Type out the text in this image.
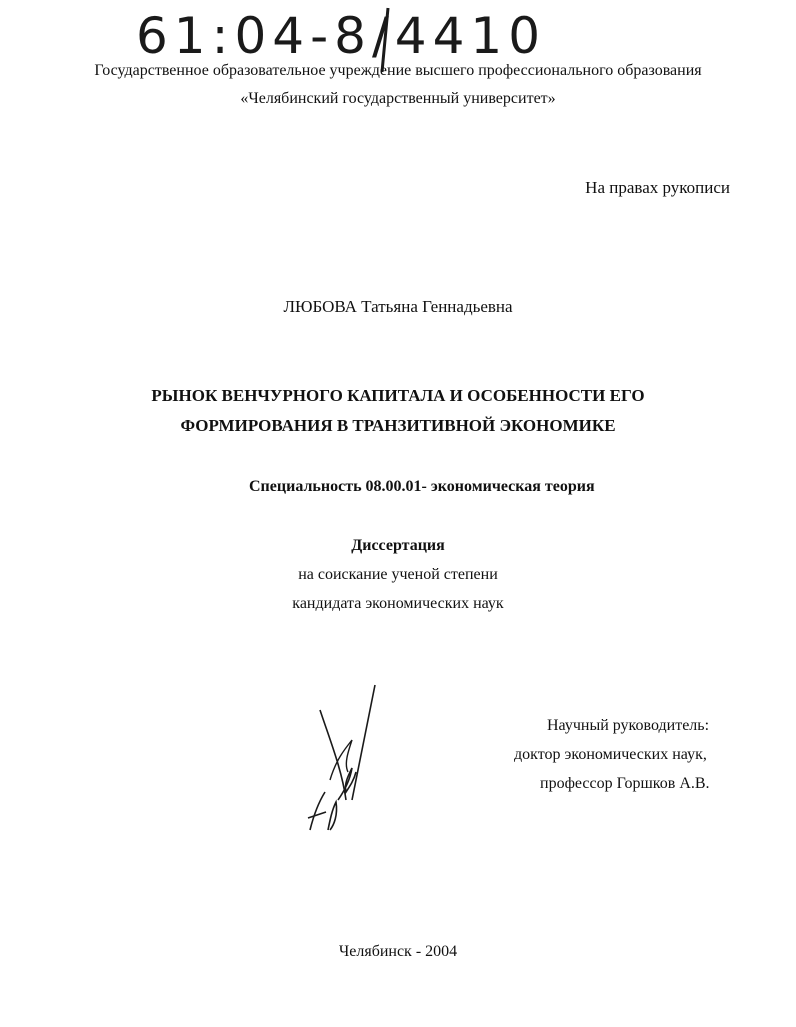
61:04-8/4410
Государственное образовательное учреждение высшего профессионального образования
«Челябинский государственный университет»
На правах рукописи
ЛЮБОВА Татьяна Геннадьевна
РЫНОК ВЕНЧУРНОГО КАПИТАЛА И ОСОБЕННОСТИ ЕГО
ФОРМИРОВАНИЯ В ТРАНЗИТИВНОЙ ЭКОНОМИКЕ
Специальность 08.00.01- экономическая теория
Диссертация
на соискание ученой степени
кандидата экономических наук
Научный руководитель:
доктор экономических наук,
профессор Горшков А.В.
Челябинск - 2004
